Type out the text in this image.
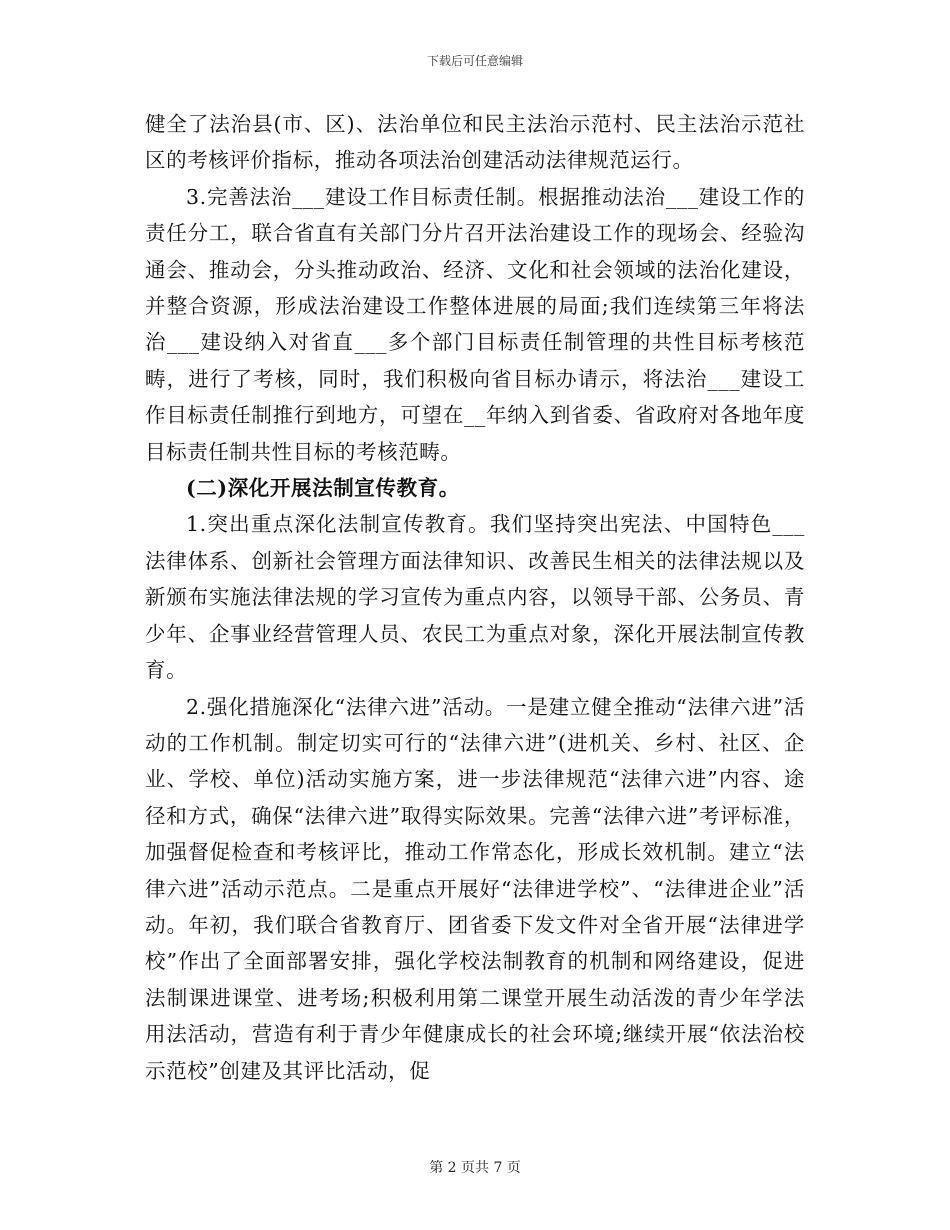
下载后可任意编辑

健全了法治县(市、区)、法治单位和民主法治示范村、民主法治示范社区的考核评价指标，推动各项法治创建活动法律规范运行。

3.完善法治___建设工作目标责任制。根据推动法治___建设工作的责任分工，联合省直有关部门分片召开法治建设工作的现场会、经验沟通会、推动会，分头推动政治、经济、文化和社会领域的法治化建设，并整合资源，形成法治建设工作整体进展的局面;我们连续第三年将法治___建设纳入对省直___多个部门目标责任制管理的共性目标考核范畴，进行了考核，同时，我们积极向省目标办请示，将法治___建设工作目标责任制推行到地方，可望在__年纳入到省委、省政府对各地年度目标责任制共性目标的考核范畴。

(二)深化开展法制宣传教育。

1.突出重点深化法制宣传教育。我们坚持突出宪法、中国特色___法律体系、创新社会管理方面法律知识、改善民生相关的法律法规以及新颁布实施法律法规的学习宣传为重点内容，以领导干部、公务员、青少年、企事业经营管理人员、农民工为重点对象，深化开展法制宣传教育。

2.强化措施深化“法律六进”活动。一是建立健全推动“法律六进”活动的工作机制。制定切实可行的“法律六进”(进机关、乡村、社区、企业、学校、单位)活动实施方案，进一步法律规范“法律六进”内容、途径和方式，确保“法律六进”取得实际效果。完善“法律六进”考评标准，加强督促检查和考核评比，推动工作常态化，形成长效机制。建立“法律六进”活动示范点。二是重点开展好“法律进学校”、“法律进企业”活动。年初，我们联合省教育厅、团省委下发文件对全省开展“法律进学校”作出了全面部署安排，强化学校法制教育的机制和网络建设，促进法制课进课堂、进考场;积极利用第二课堂开展生动活泼的青少年学法用法活动，营造有利于青少年健康成长的社会环境;继续开展“依法治校示范校”创建及其评比活动，促

第 2 页共 7 页
